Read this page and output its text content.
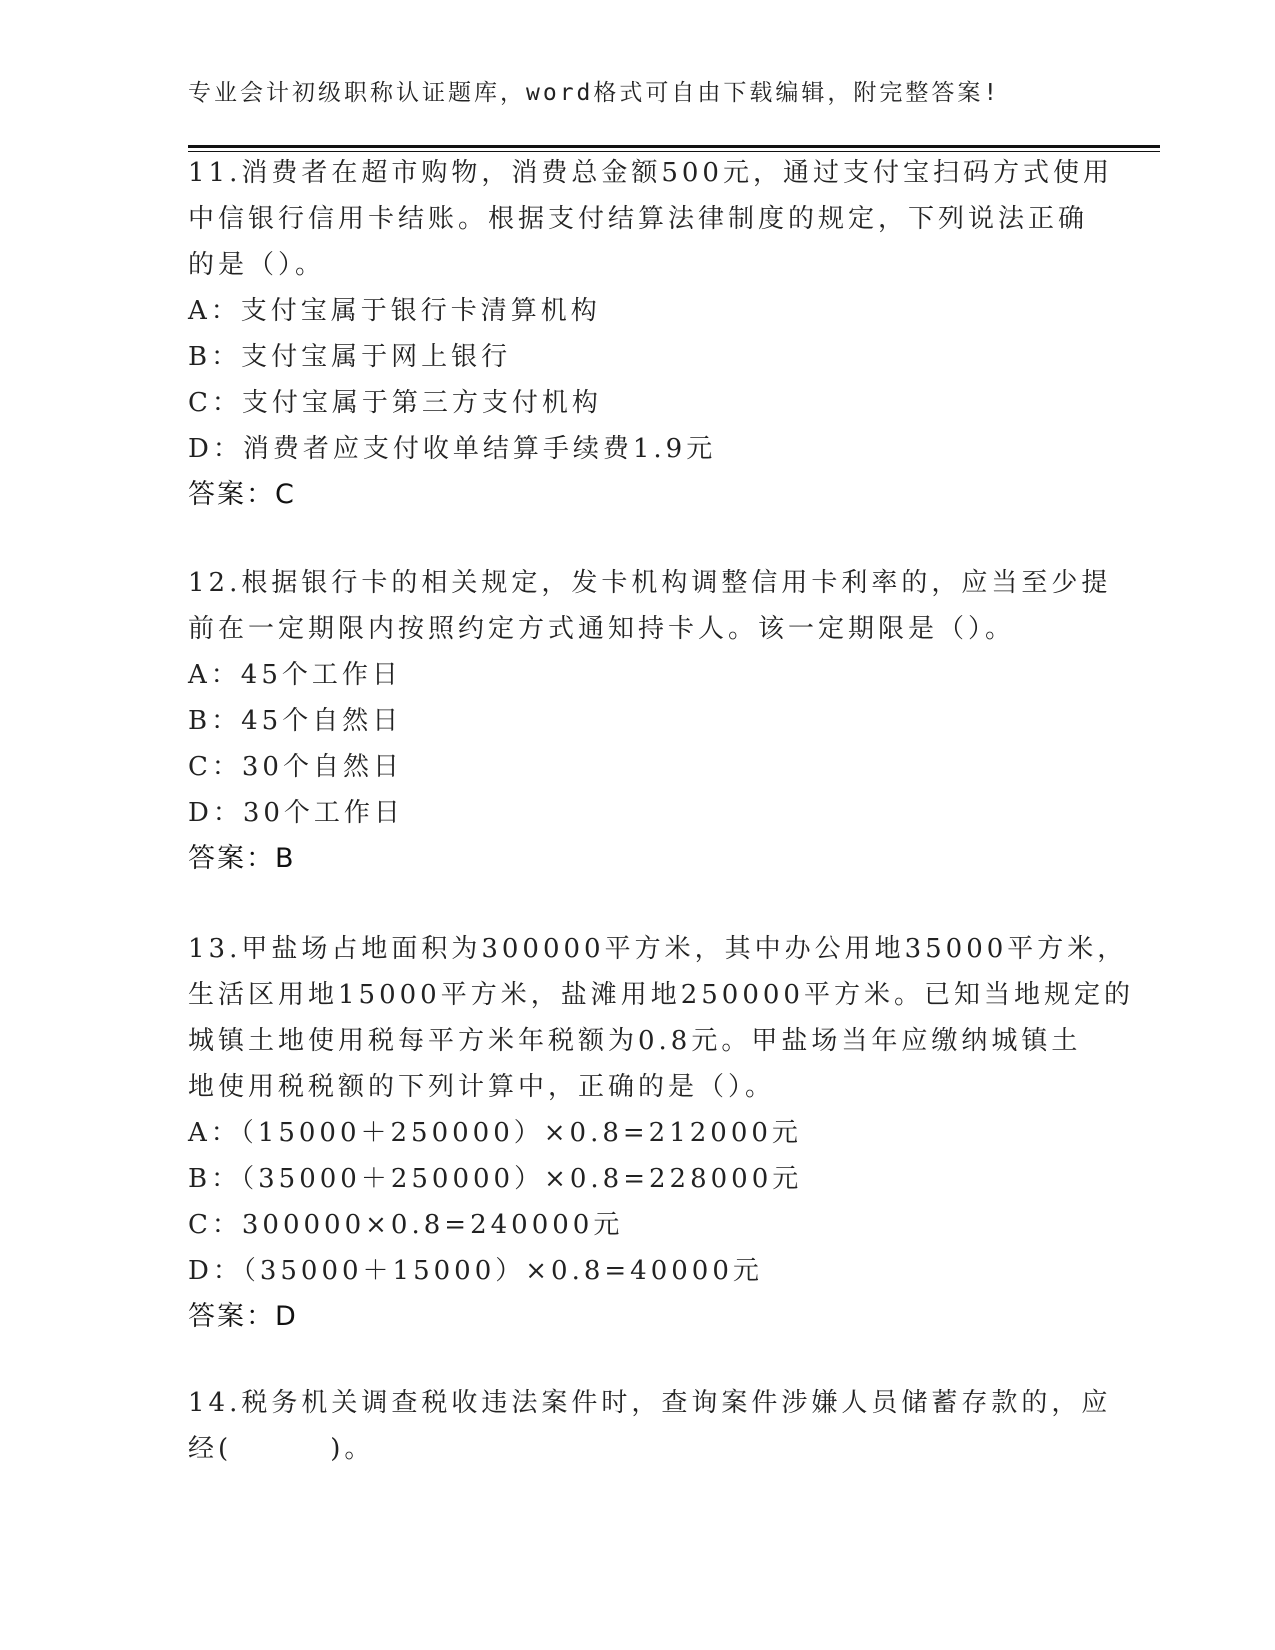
专业会计初级职称认证题库，word格式可自由下载编辑，附完整答案!
11.消费者在超市购物，消费总金额500元，通过支付宝扫码方式使用
中信银行信用卡结账。根据支付结算法律制度的规定，下列说法正确
的是（）。
A：支付宝属于银行卡清算机构
B：支付宝属于网上银行
C：支付宝属于第三方支付机构
D：消费者应支付收单结算手续费1.9元
答案：C
12.根据银行卡的相关规定，发卡机构调整信用卡利率的，应当至少提
前在一定期限内按照约定方式通知持卡人。该一定期限是（）。
A：45个工作日
B：45个自然日
C：30个自然日
D：30个工作日
答案：B
13.甲盐场占地面积为300000平方米，其中办公用地35000平方米，
生活区用地15000平方米，盐滩用地250000平方米。已知当地规定的
城镇土地使用税每平方米年税额为0.8元。甲盐场当年应缴纳城镇土
地使用税税额的下列计算中，正确的是（）。
A：（15000＋250000）×0.8=212000元
B：（35000＋250000）×0.8=228000元
C：300000×0.8=240000元
D：（35000＋15000）×0.8=40000元
答案：D
14.税务机关调查税收违法案件时，查询案件涉嫌人员储蓄存款的，应
经(        )。
